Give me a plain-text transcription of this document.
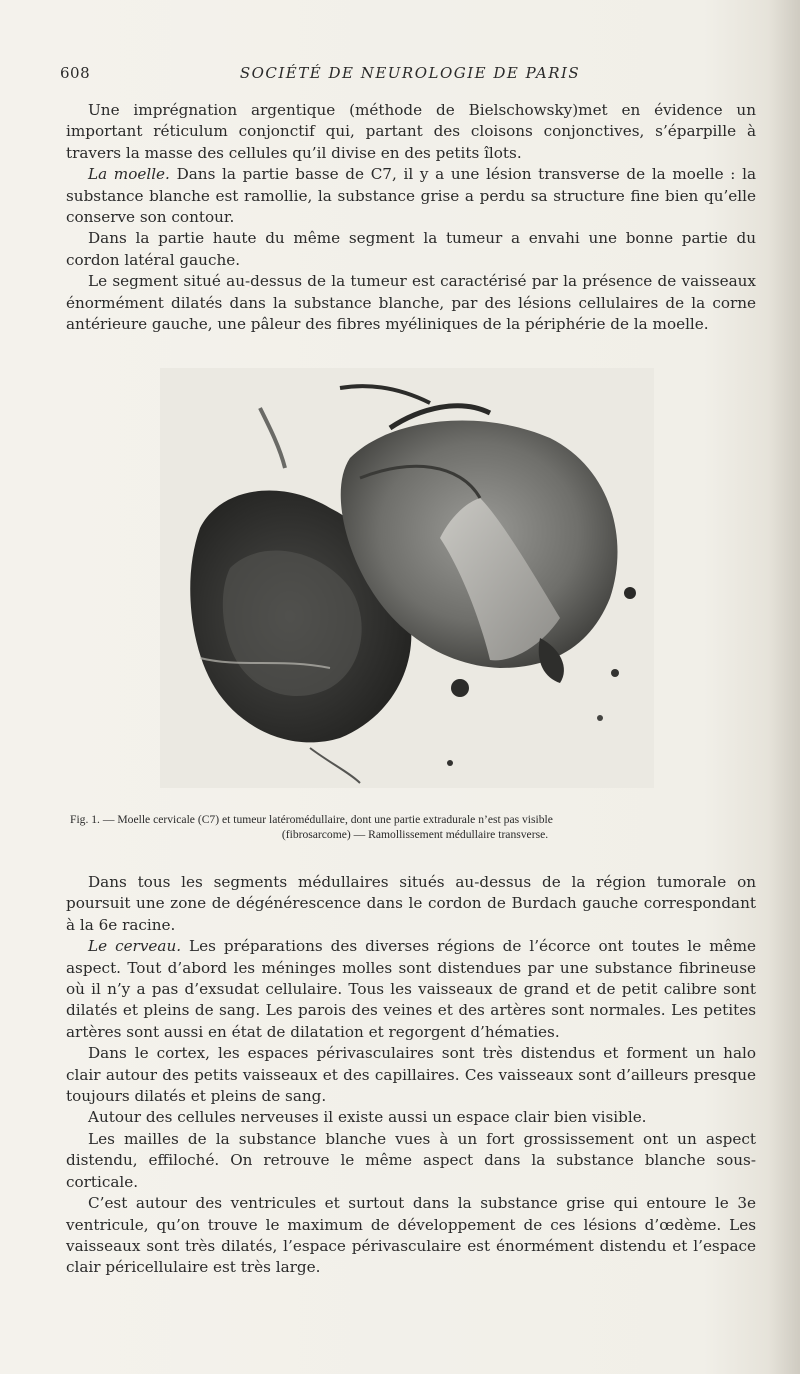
608	SOCIÉTÉ DE NEUROLOGIE DE PARIS

Une imprégnation argentique (méthode de Bielschowsky)met en évidence un important réticulum conjonctif qui, partant des cloisons conjonctives, s’éparpille à travers la masse des cellules qu’il divise en des petits îlots.

La moelle. Dans la partie basse de C7, il y a une lésion transverse de la moelle : la substance blanche est ramollie, la substance grise a perdu sa structure fine bien qu’elle conserve son contour.

Dans la partie haute du même segment la tumeur a envahi une bonne partie du cordon latéral gauche.

Le segment situé au-dessus de la tumeur est caractérisé par la présence de vaisseaux énormément dilatés dans la substance blanche, par des lésions cellulaires de la corne antérieure gauche, une pâleur des fibres myéliniques de la périphérie de la moelle.

Fig. 1. — Moelle cervicale (C7) et tumeur latéromédullaire, dont une partie extradurale n’est pas visible
(fibrosarcome) — Ramollissement médullaire transverse.

Dans tous les segments médullaires situés au-dessus de la région tumorale on poursuit une zone de dégénérescence dans le cordon de Burdach gauche correspondant à la 6e racine.

Le cerveau. Les préparations des diverses régions de l’écorce ont toutes le même aspect. Tout d’abord les méninges molles sont distendues par une substance fibrineuse où il n’y a pas d’exsudat cellulaire. Tous les vaisseaux de grand et de petit calibre sont dilatés et pleins de sang. Les parois des veines et des artères sont normales. Les petites artères sont aussi en état de dilatation et regorgent d’hématies.

Dans le cortex, les espaces périvasculaires sont très distendus et forment un halo clair autour des petits vaisseaux et des capillaires. Ces vaisseaux sont d’ailleurs presque toujours dilatés et pleins de sang.

Autour des cellules nerveuses il existe aussi un espace clair bien visible.

Les mailles de la substance blanche vues à un fort grossissement ont un aspect distendu, effiloché. On retrouve le même aspect dans la substance blanche sous-corticale.

C’est autour des ventricules et surtout dans la substance grise qui entoure le 3e ventricule, qu’on trouve le maximum de développement de ces lésions d’œdème. Les vaisseaux sont très dilatés, l’espace périvasculaire est énormément distendu et l’espace clair péricellulaire est très large.
